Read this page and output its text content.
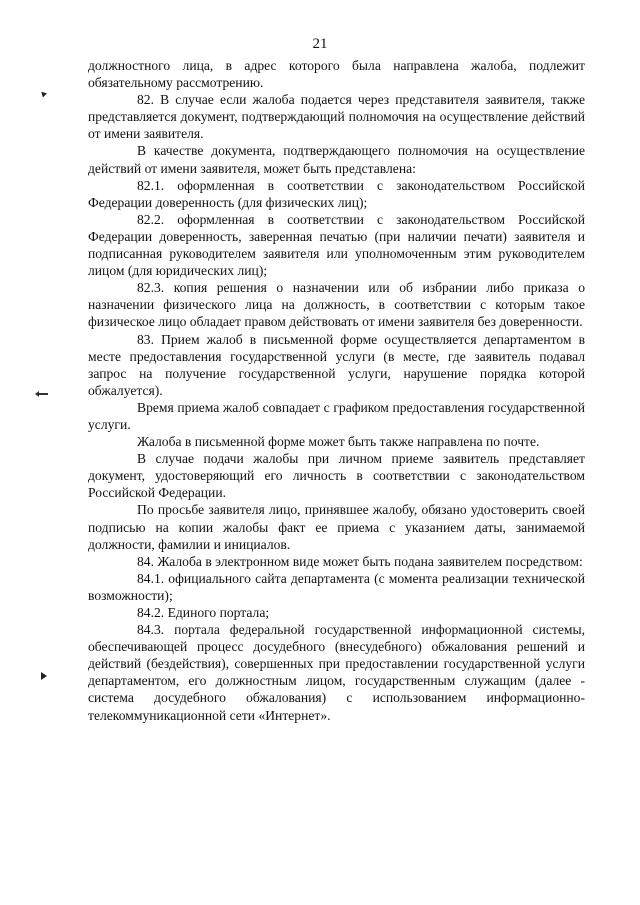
21

должностного лица, в адрес которого была направлена жалоба, подлежит обязательному рассмотрению.

82. В случае если жалоба подается через представителя заявителя, также представляется документ, подтверждающий полномочия на осуществление действий от имени заявителя.

В качестве документа, подтверждающего полномочия на осуществление действий от имени заявителя, может быть представлена:

82.1. оформленная в соответствии с законодательством Российской Федерации доверенность (для физических лиц);

82.2. оформленная в соответствии с законодательством Российской Федерации доверенность, заверенная печатью (при наличии печати) заявителя и подписанная руководителем заявителя или уполномоченным этим руководителем лицом (для юридических лиц);

82.3. копия решения о назначении или об избрании либо приказа о назначении физического лица на должность, в соответствии с которым такое физическое лицо обладает правом действовать от имени заявителя без доверенности.

83. Прием жалоб в письменной форме осуществляется департаментом в месте предоставления государственной услуги (в месте, где заявитель подавал запрос на получение государственной услуги, нарушение порядка которой обжалуется).

Время приема жалоб совпадает с графиком предоставления государственной услуги.

Жалоба в письменной форме может быть также направлена по почте.

В случае подачи жалобы при личном приеме заявитель представляет документ, удостоверяющий его личность в соответствии с законодательством Российской Федерации.

По просьбе заявителя лицо, принявшее жалобу, обязано удостоверить своей подписью на копии жалобы факт ее приема с указанием даты, занимаемой должности, фамилии и инициалов.

84. Жалоба в электронном виде может быть подана заявителем посредством:

84.1. официального сайта департамента (с момента реализации технической возможности);

84.2. Единого портала;

84.3. портала федеральной государственной информационной системы, обеспечивающей процесс досудебного (внесудебного) обжалования решений и действий (бездействия), совершенных при предоставлении государственной услуги департаментом, его должностным лицом, государственным служащим (далее - система досудебного обжалования) с использованием информационно-телекоммуникационной сети «Интернет».
